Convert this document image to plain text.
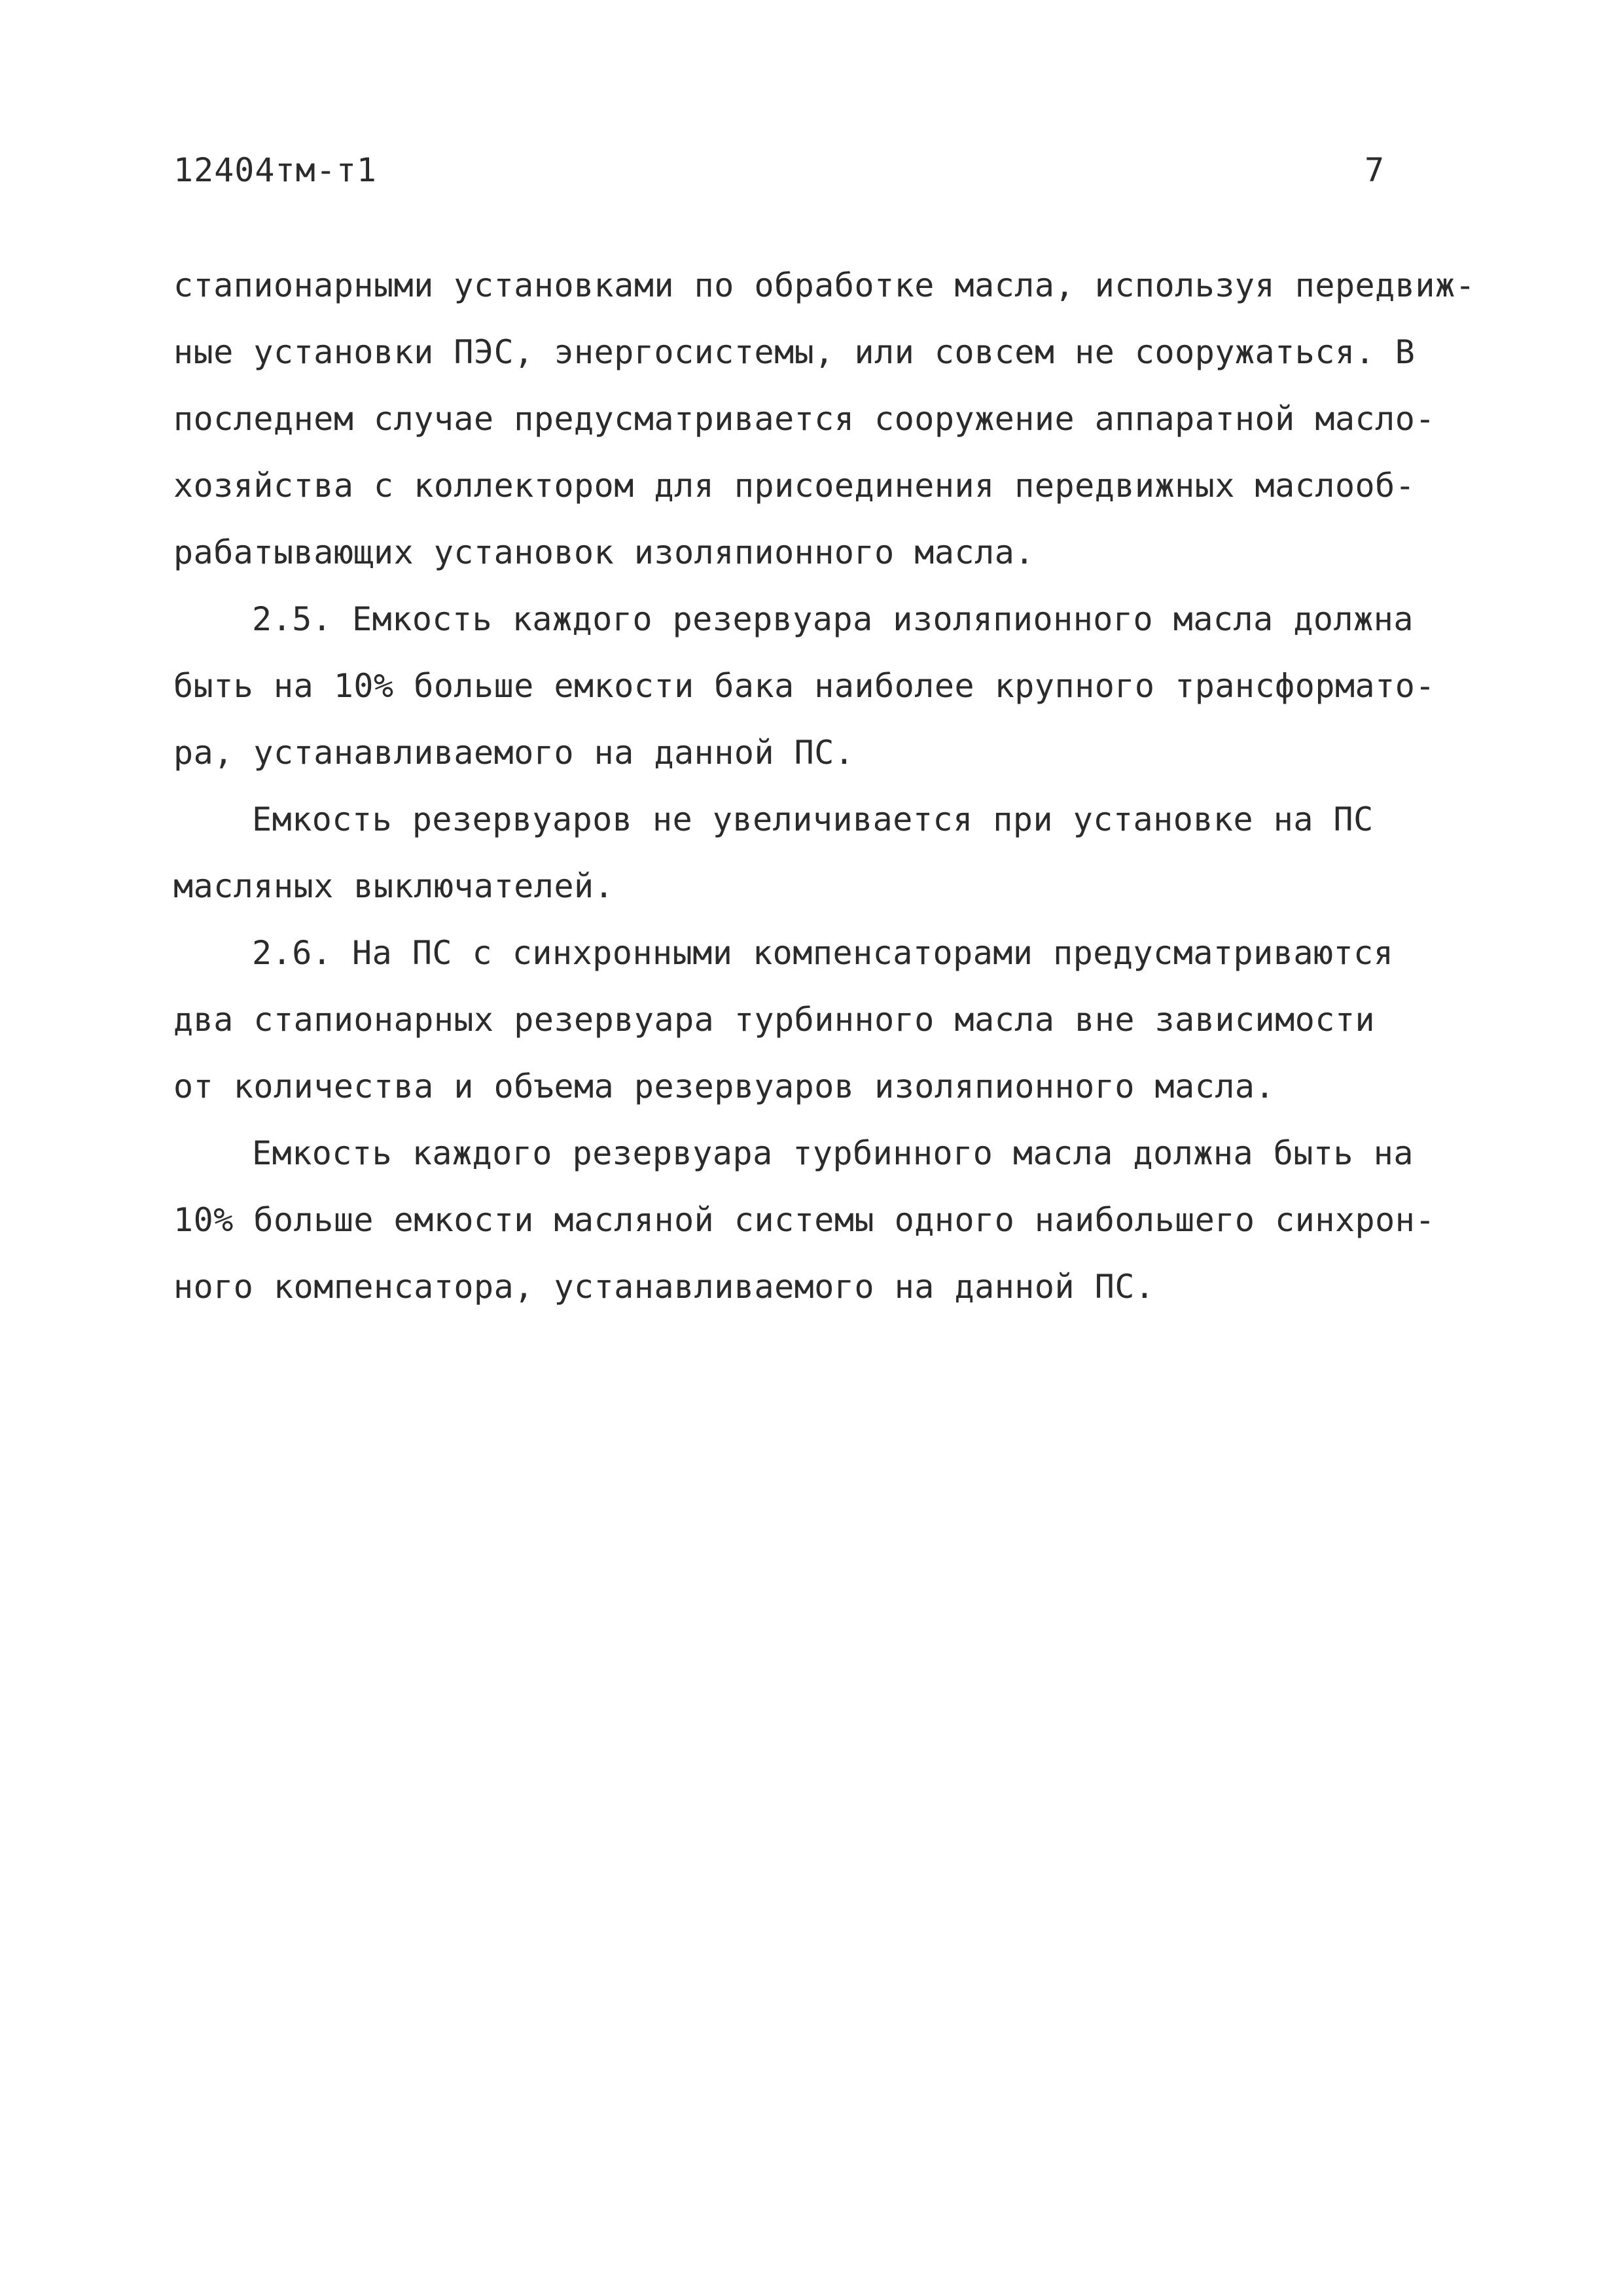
12404тм-т1	7
стапионарными установками по обработке масла, используя передвиж-
ные установки ПЭС, энергосистемы, или совсем не сооружаться. В
последнем случае предусматривается сооружение аппаратной масло-
хозяйства с коллектором для присоединения передвижных маслооб-
рабатывающих установок изоляпионного масла.
2.5. Емкость каждого резервуара изоляпионного масла должна
быть на 10% больше емкости бака наиболее крупного трансформато-
ра, устанавливаемого на данной ПС.
Емкость резервуаров не увеличивается при установке на ПС
масляных выключателей.
2.6. На ПС с синхронными компенсаторами предусматриваются
два стапионарных резервуара турбинного масла вне зависимости
от количества и объема резервуаров изоляпионного масла.
Емкость каждого резервуара турбинного масла должна быть на
10% больше емкости масляной системы одного наибольшего синхрон-
ного компенсатора, устанавливаемого на данной ПС.
